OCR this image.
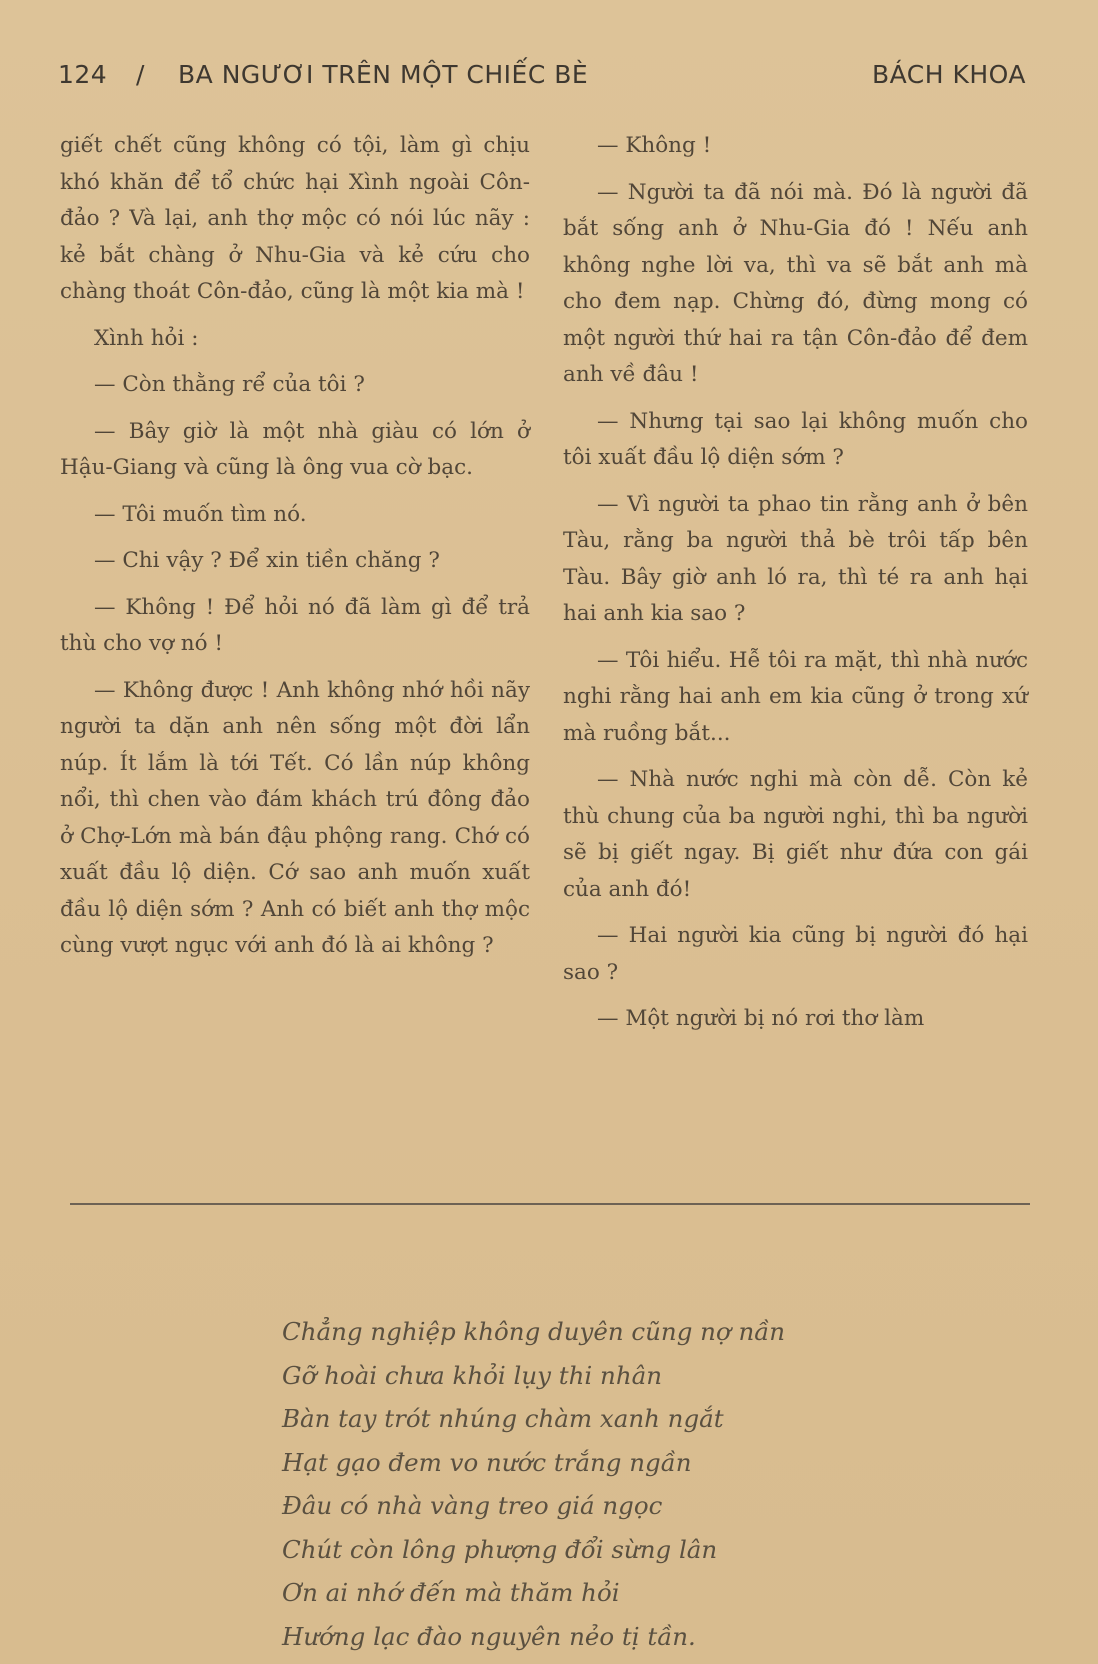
124 / BA NGƯƠI TRÊN MỘT CHIẾC BÈ	BÁCH KHOA

giết chết cũng không có tội, làm gì chịu khó khăn để tổ chức hại Xình ngoài Côn-đảo ? Và lại, anh thợ mộc có nói lúc nãy : kẻ bắt chàng ở Nhu-Gia và kẻ cứu cho chàng thoát Côn-đảo, cũng là một kia mà !

Xình hỏi :

— Còn thằng rể của tôi ?

— Bây giờ là một nhà giàu có lớn ở Hậu-Giang và cũng là ông vua cờ bạc.

— Tôi muốn tìm nó.

— Chi vậy ? Để xin tiền chăng ?

— Không ! Để hỏi nó đã làm gì để trả thù cho vợ nó !

— Không được ! Anh không nhớ hồi nãy người ta dặn anh nên sống một đời lẩn núp. Ít lắm là tới Tết. Có lần núp không nổi, thì chen vào đám khách trú đông đảo ở Chợ-Lớn mà bán đậu phộng rang. Chớ có xuất đầu lộ diện. Cớ sao anh muốn xuất đầu lộ diện sớm ? Anh có biết anh thợ mộc cùng vượt ngục với anh đó là ai không ?

— Không !

— Người ta đã nói mà. Đó là người đã bắt sống anh ở Nhu-Gia đó ! Nếu anh không nghe lời va, thì va sẽ bắt anh mà cho đem nạp. Chừng đó, đừng mong có một người thứ hai ra tận Côn-đảo để đem anh về đâu !

— Nhưng tại sao lại không muốn cho tôi xuất đầu lộ diện sớm ?

— Vì người ta phao tin rằng anh ở bên Tàu, rằng ba người thả bè trôi tấp bên Tàu. Bây giờ anh ló ra, thì té ra anh hại hai anh kia sao ?

— Tôi hiểu. Hễ tôi ra mặt, thì nhà nước nghi rằng hai anh em kia cũng ở trong xứ mà ruồng bắt...

— Nhà nước nghi mà còn dễ. Còn kẻ thù chung của ba người nghi, thì ba người sẽ bị giết ngay. Bị giết như đứa con gái của anh đó!

— Hai người kia cũng bị người đó hại sao ?

— Một người bị nó rơi thơ làm

Chẳng nghiệp không duyên cũng nợ nần
Gỡ hoài chưa khỏi lụy thi nhân
Bàn tay trót nhúng chàm xanh ngắt
Hạt gạo đem vo nước trắng ngần
Đâu có nhà vàng treo giá ngọc
Chút còn lông phượng đổi sừng lân
Ơn ai nhớ đến mà thăm hỏi
Hướng lạc đào nguyên nẻo tị tần.
